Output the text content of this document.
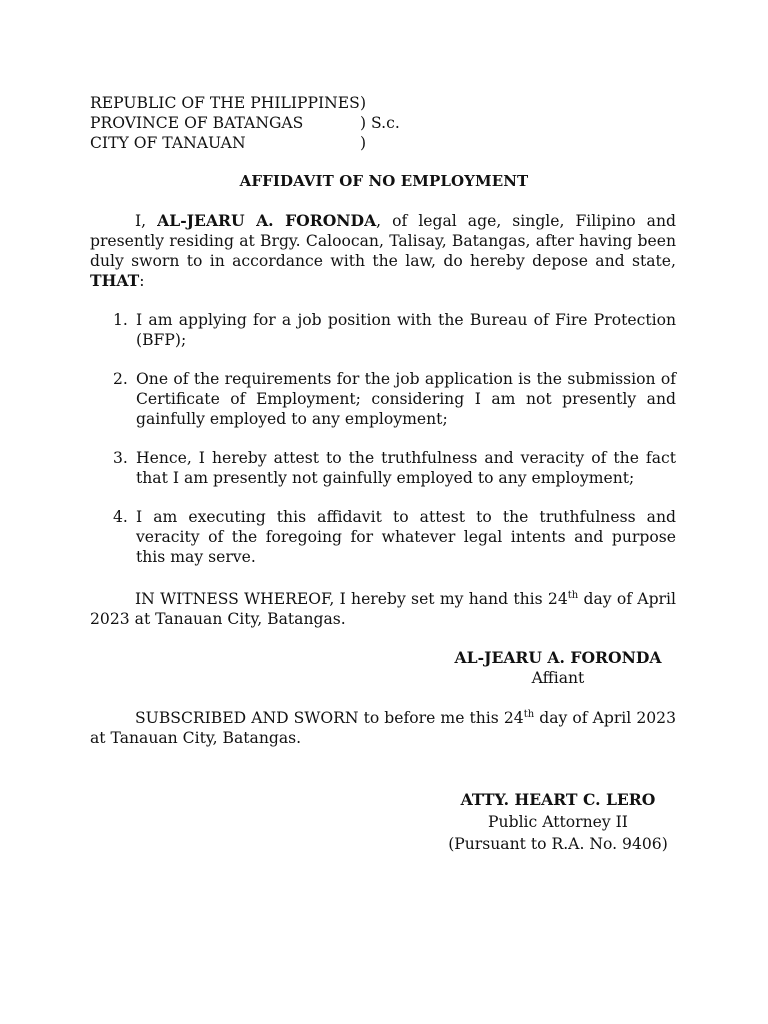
REPUBLIC OF THE PHILIPPINES )
PROVINCE OF BATANGAS	) S.c.
CITY OF TANAUAN	)
AFFIDAVIT OF NO EMPLOYMENT
I, AL-JEARU A. FORONDA, of legal age, single, Filipino and presently residing at Brgy. Caloocan, Talisay, Batangas, after having been duly sworn to in accordance with the law, do hereby depose and state, THAT:
1. I am applying for a job position with the Bureau of Fire Protection (BFP);
2. One of the requirements for the job application is the submission of Certificate of Employment; considering I am not presently and gainfully employed to any employment;
3. Hence, I hereby attest to the truthfulness and veracity of the fact that I am presently not gainfully employed to any employment;
4. I am executing this affidavit to attest to the truthfulness and veracity of the foregoing for whatever legal intents and purpose this may serve.
IN WITNESS WHEREOF, I hereby set my hand this 24th day of April 2023 at Tanauan City, Batangas.
AL-JEARU A. FORONDA
Affiant
SUBSCRIBED AND SWORN to before me this 24th day of April 2023 at Tanauan City, Batangas.
ATTY. HEART C. LERO
Public Attorney II
(Pursuant to R.A. No. 9406)
